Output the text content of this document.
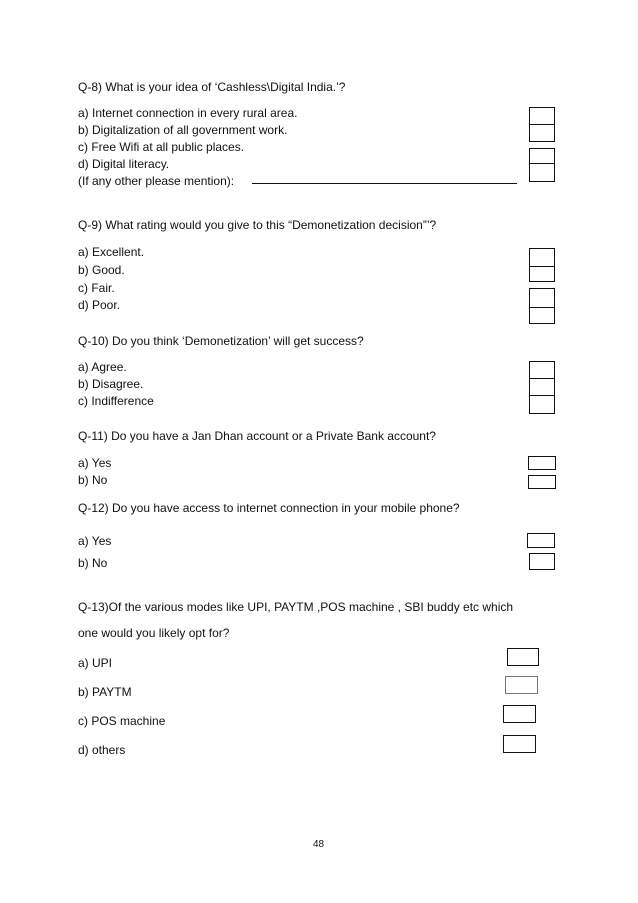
Q-8) What is your idea of ‘Cashless\Digital India.’?
a) Internet connection in every rural area.
b) Digitalization of all government work.
c) Free Wifi at all public places.
d) Digital literacy.
(If any other please mention):
Q-9) What rating would you give to this “Demonetization decision”’?
a) Excellent.
b) Good.
c) Fair.
d) Poor.
Q-10) Do you think ‘Demonetization’ will get success?
a) Agree.
b) Disagree.
c) Indifference
Q-11) Do you have a Jan Dhan account or a Private Bank account?
a) Yes
b) No
Q-12) Do you have access to internet connection in your mobile phone?
a) Yes
b) No
Q-13)Of the various modes like UPI, PAYTM ,POS machine , SBI buddy etc which
one would you likely opt for?
a) UPI
b) PAYTM
c) POS machine
d) others
48
